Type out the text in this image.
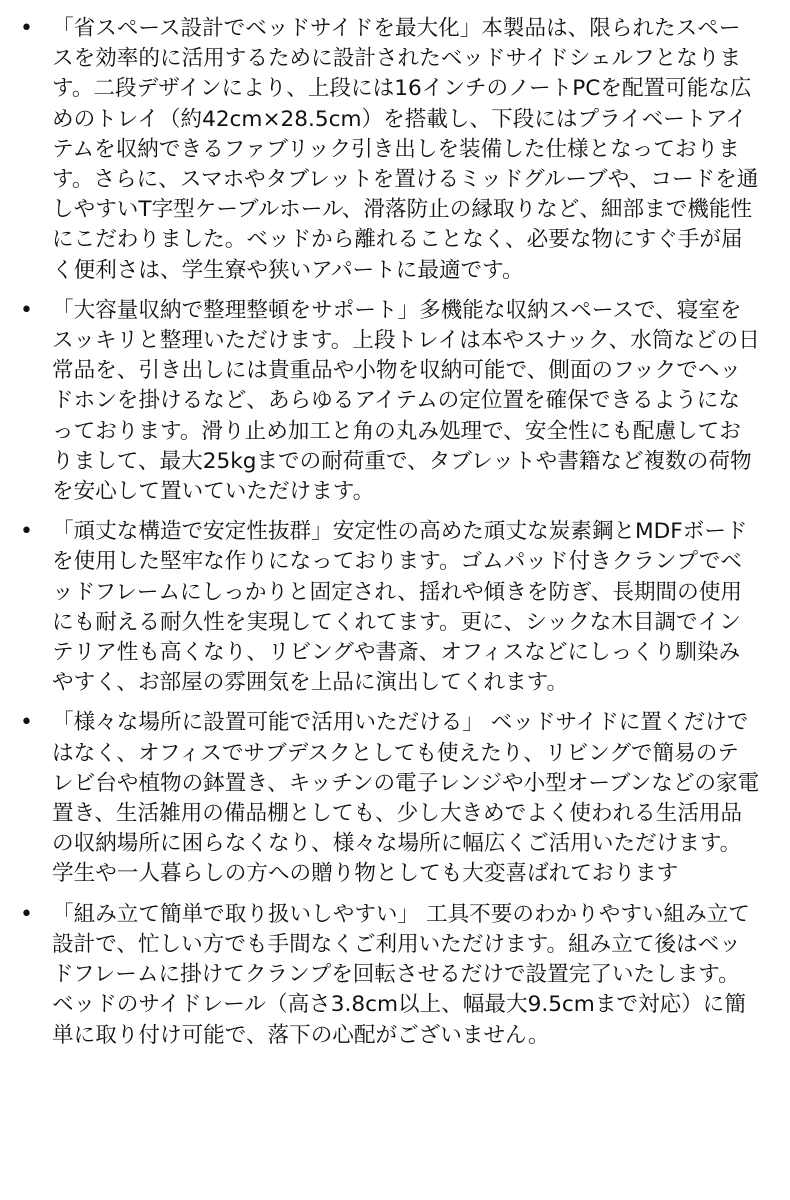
• 「省スペース設計でベッドサイドを最大化」本製品は、限られたスペースを効率的に活用するために設計されたベッドサイドシェルフとなります。二段デザインにより、上段には16インチのノートPCを配置可能な広めのトレイ（約42cm×28.5cm）を搭載し、下段にはプライベートアイテムを収納できるファブリック引き出しを装備した仕様となっております。さらに、スマホやタブレットを置けるミッドグルーブや、コードを通しやすいT字型ケーブルホール、滑落防止の縁取りなど、細部まで機能性にこだわりました。ベッドから離れることなく、必要な物にすぐ手が届く便利さは、学生寮や狭いアパートに最適です。
• 「大容量収納で整理整頓をサポート」多機能な収納スペースで、寝室をスッキリと整理いただけます。上段トレイは本やスナック、水筒などの日常品を、引き出しには貴重品や小物を収納可能で、側面のフックでヘッドホンを掛けるなど、あらゆるアイテムの定位置を確保できるようになっております。滑り止め加工と角の丸み処理で、安全性にも配慮しておりまして、最大25kgまでの耐荷重で、タブレットや書籍など複数の荷物を安心して置いていただけます。
• 「頑丈な構造で安定性抜群」安定性の高めた頑丈な炭素鋼とMDFボードを使用した堅牢な作りになっております。ゴムパッド付きクランプでベッドフレームにしっかりと固定され、揺れや傾きを防ぎ、長期間の使用にも耐える耐久性を実現してくれてます。更に、シックな木目調でインテリア性も高くなり、リビングや書斎、オフィスなどにしっくり馴染みやすく、お部屋の雰囲気を上品に演出してくれます。
• 「様々な場所に設置可能で活用いただける」 ベッドサイドに置くだけではなく、オフィスでサブデスクとしても使えたり、リビングで簡易のテレビ台や植物の鉢置き、キッチンの電子レンジや小型オーブンなどの家電置き、生活雑用の備品棚としても、少し大きめでよく使われる生活用品の収納場所に困らなくなり、様々な場所に幅広くご活用いただけます。学生や一人暮らしの方への贈り物としても大変喜ばれております
• 「組み立て簡単で取り扱いしやすい」 工具不要のわかりやすい組み立て設計で、忙しい方でも手間なくご利用いただけます。組み立て後はベッドフレームに掛けてクランプを回転させるだけで設置完了いたします。ベッドのサイドレール（高さ3.8cm以上、幅最大9.5cmまで対応）に簡単に取り付け可能で、落下の心配がございません。
